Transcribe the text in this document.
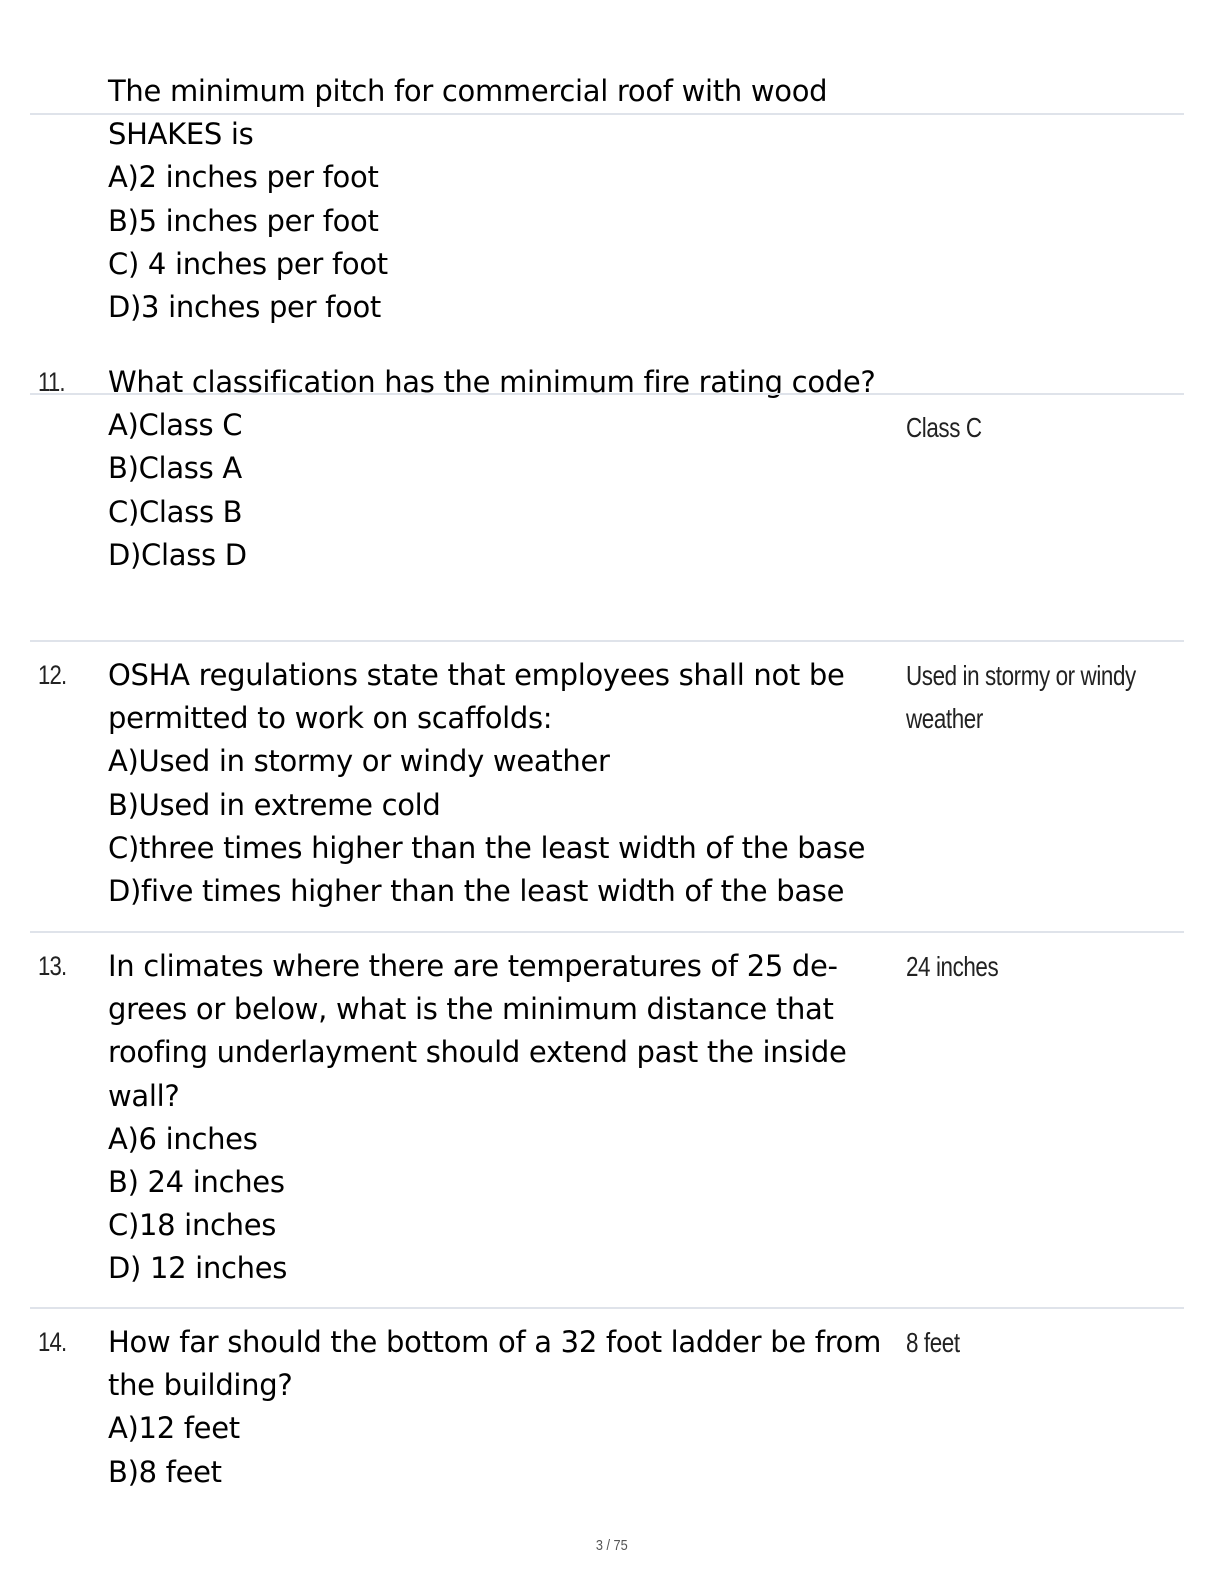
The minimum pitch for commercial roof with wood
SHAKES is
A)2 inches per foot
B)5 inches per foot
C) 4 inches per foot
D)3 inches per foot
11. What classification has the minimum fire rating code?
A)Class C
B)Class A
C)Class B
D)Class D
Class C
12. OSHA regulations state that employees shall not be
permitted to work on scaffolds:
A)Used in stormy or windy weather
B)Used in extreme cold
C)three times higher than the least width of the base
D)five times higher than the least width of the base
Used in stormy or windy
weather
13. In climates where there are temperatures of 25 de-
grees or below, what is the minimum distance that
roofing underlayment should extend past the inside
wall?
A)6 inches
B) 24 inches
C)18 inches
D) 12 inches
24 inches
14. How far should the bottom of a 32 foot ladder be from
the building?
A)12 feet
B)8 feet
8 feet
3 / 75
